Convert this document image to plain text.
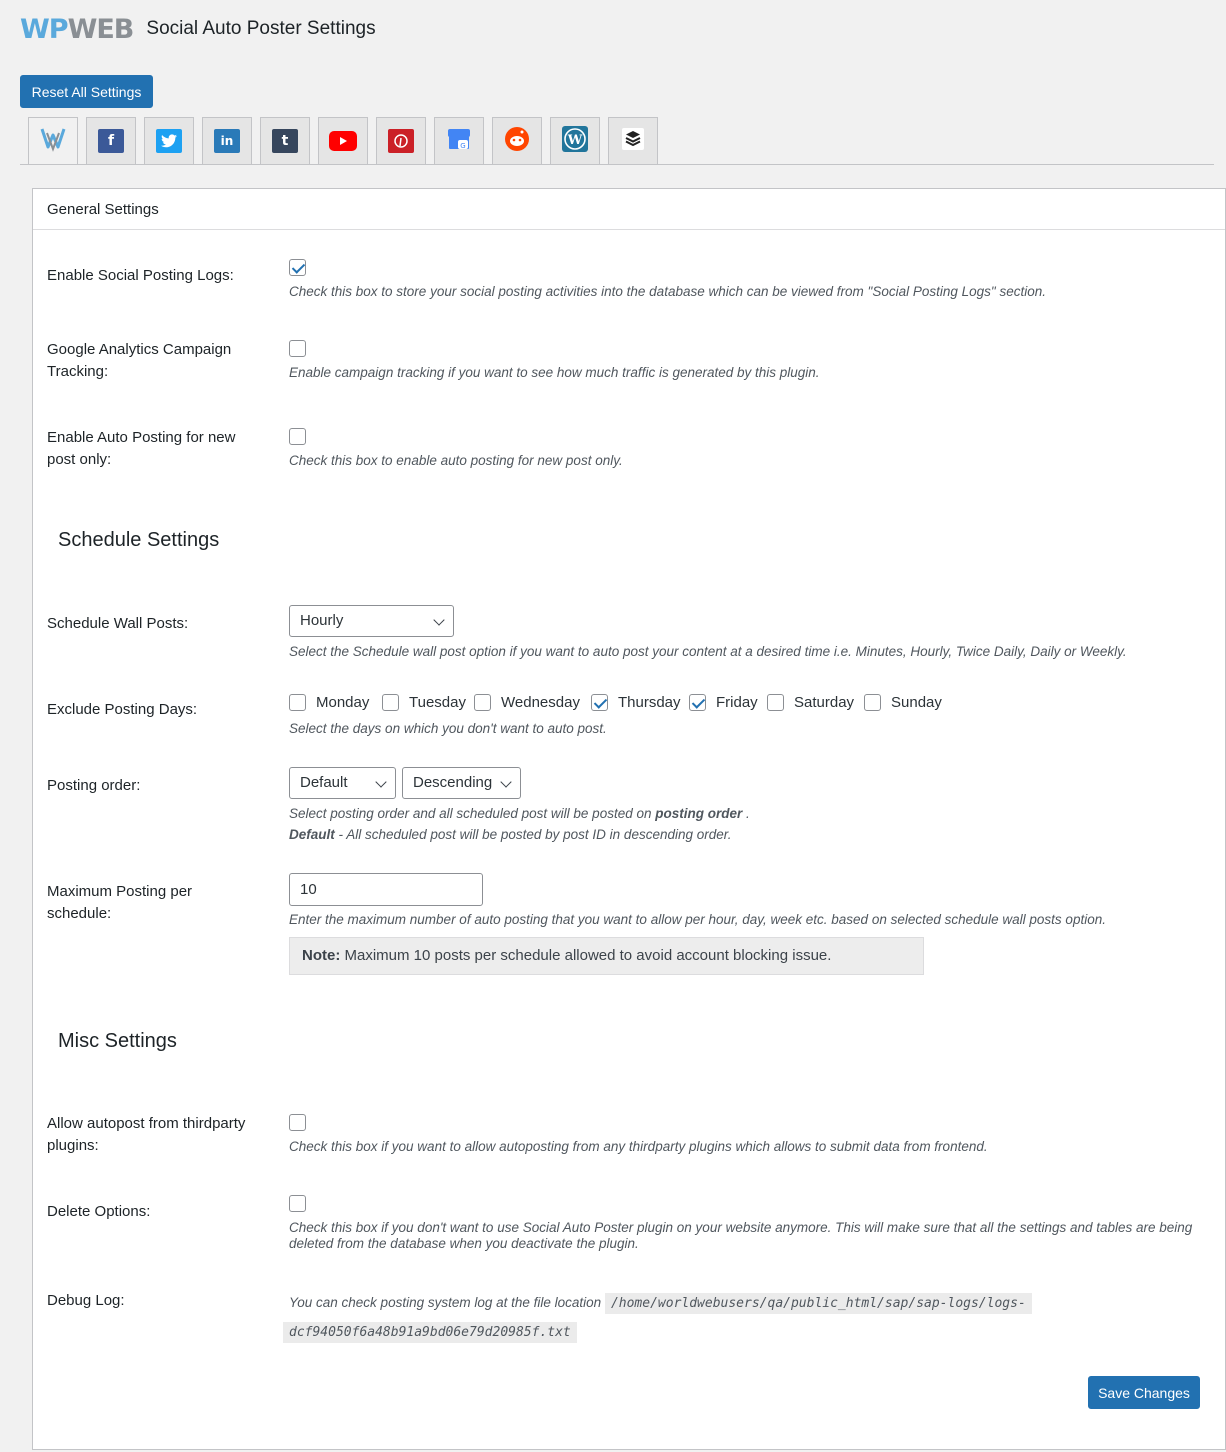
WPWEB Social Auto Poster Settings
Reset All Settings
f	in	t	G	W
General Settings
Enable Social Posting Logs:
Check this box to store your social posting activities into the database which can be viewed from "Social Posting Logs" section.
Google Analytics Campaign
Tracking:	Enable campaign tracking if you want to see how much traffic is generated by this plugin.
Enable Auto Posting for new
post only:	Check this box to enable auto posting for new post only.
Schedule Settings
Schedule Wall Posts:	Hourly
Select the Schedule wall post option if you want to auto post your content at a desired time i.e. Minutes, Hourly, Twice Daily, Daily or Weekly.
Exclude Posting Days:	Monday	Tuesday Wednesday	Thursday Friday Saturday Sunday
Select the days on which you don't want to auto post.
Posting order:	Default	Descending
Select posting order and all scheduled post will be posted on posting order .
Default - All scheduled post will be posted by post ID in descending order.
Maximum Posting per
schedule:
10
Enter the maximum number of auto posting that you want to allow per hour, day, week etc. based on selected schedule wall posts option.
Note: Maximum 10 posts per schedule allowed to avoid account blocking issue.
Misc Settings
Allow autopost from thirdparty
plugins:	Check this box if you want to allow autoposting from any thirdparty plugins which allows to submit data from frontend.
Delete Options:
Check this box if you don't want to use Social Auto Poster plugin on your website anymore. This will make sure that all the settings and tables are being deleted from the database when you deactivate the plugin.
Debug Log:	You can check posting system log at the file location /home/worldwebusers/qa/public_html/sap/sap-logs/logs-
dcf94050f6a48b91a9bd06e79d20985f.txt
Save Changes
